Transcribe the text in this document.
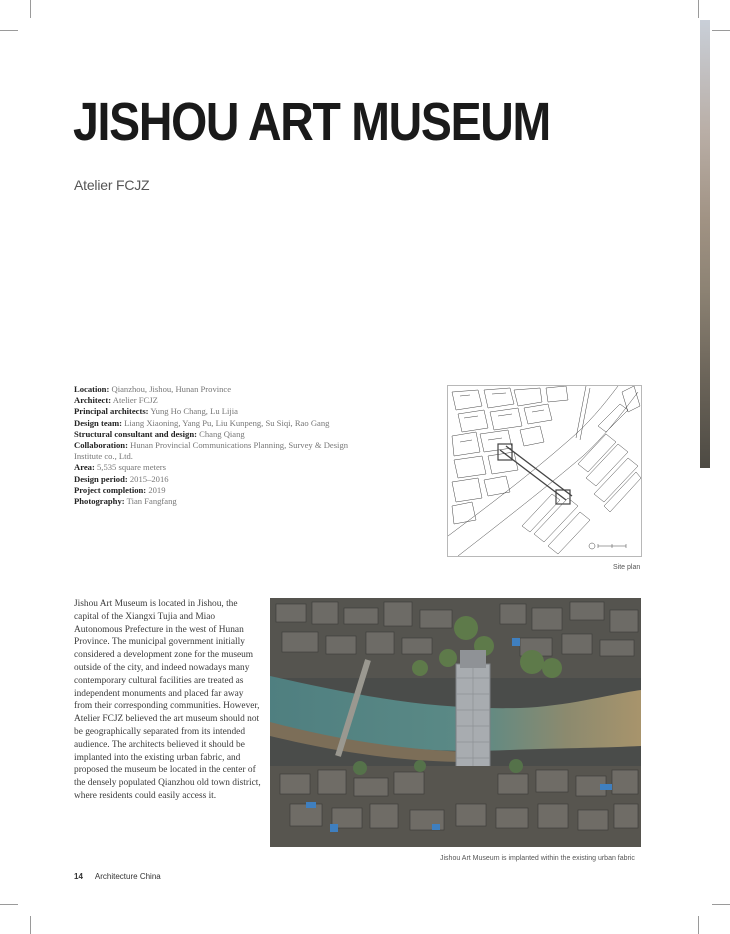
JISHOU ART MUSEUM
Atelier FCJZ
Location: Qianzhou, Jishou, Hunan Province
Architect: Atelier FCJZ
Principal architects: Yung Ho Chang, Lu Lijia
Design team: Liang Xiaoning, Yang Pu, Liu Kunpeng, Su Siqi, Rao Gang
Structural consultant and design: Chang Qiang
Collaboration: Hunan Provincial Communications Planning, Survey & Design Institute co., Ltd.
Area: 5,535 square meters
Design period: 2015–2016
Project completion: 2019
Photography: Tian Fangfang
Site plan

Jishou Art Museum is located in Jishou, the capital of the Xiangxi Tujia and Miao Autonomous Prefecture in the west of Hunan Province. The municipal government initially considered a development zone for the museum outside of the city, and indeed nowadays many contemporary cultural facilities are treated as independent monuments and placed far away from their corresponding communities. However, Atelier FCJZ believed the art museum should not be geographically separated from its intended audience. The architects believed it should be implanted into the existing urban fabric, and proposed the museum be located in the center of the densely populated Qianzhou old town district, where residents could easily access it.

Jishou Art Museum is implanted within the existing urban fabric
14 Architecture China
